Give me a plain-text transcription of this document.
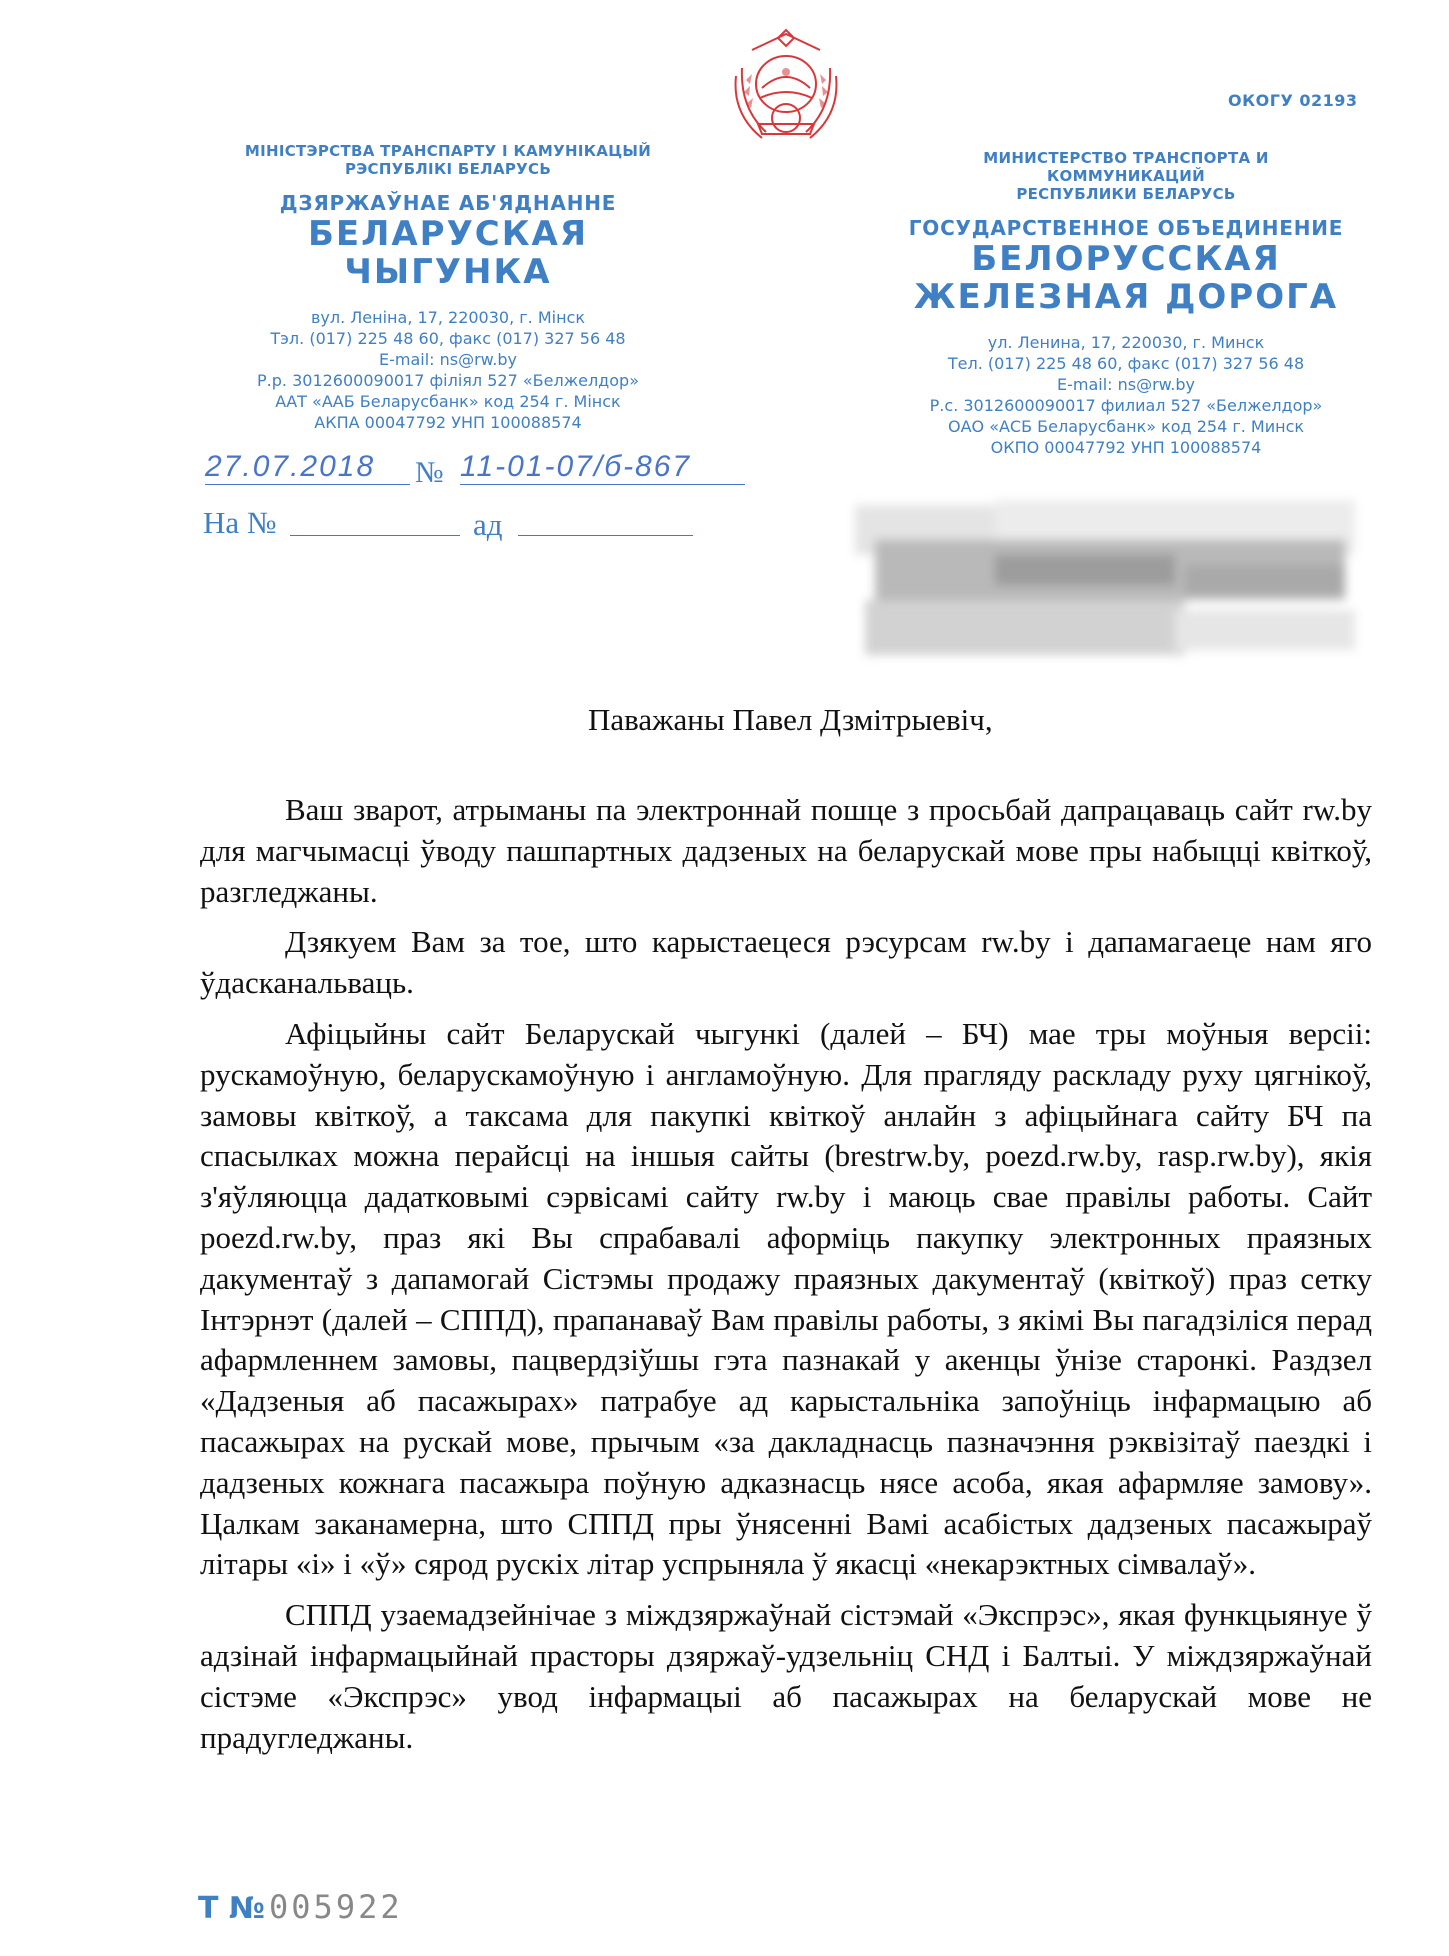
ОКОГУ 02193
МІНІСТЭРСТВА ТРАНСПАРТУ І КАМУНІКАЦЫЙ
РЭСПУБЛІКІ БЕЛАРУСЬ
ДЗЯРЖАЎНАЕ АБ'ЯДНАННЕ
БЕЛАРУСКАЯ
ЧЫГУНКА
вул. Леніна, 17, 220030, г. Мінск
Тэл. (017) 225 48 60, факс (017) 327 56 48
E-mail: ns@rw.by
Р.р. 3012600090017 філіял 527 «Белжелдор»
ААТ «ААБ Беларусбанк» код 254 г. Мінск
АКПА 00047792 УНП 100088574
МИНИСТЕРСТВО ТРАНСПОРТА И КОММУНИКАЦИЙ
РЕСПУБЛИКИ БЕЛАРУСЬ
ГОСУДАРСТВЕННОЕ ОБЪЕДИНЕНИЕ
БЕЛОРУССКАЯ
ЖЕЛЕЗНАЯ ДОРОГА
ул. Ленина, 17, 220030, г. Минск
Тел. (017) 225 48 60, факс (017) 327 56 48
E-mail: ns@rw.by
Р.с. 3012600090017 филиал 527 «Белжелдор»
ОАО «АСБ Беларусбанк» код 254 г. Минск
ОКПО 00047792 УНП 100088574
27.07.2018	№ 11-01-07/б-867
На №	ад
Паважаны Павел Дзмітрыевіч,

Ваш зварот, атрыманы па электроннай пошце з просьбай дапрацаваць сайт rw.by для магчымасці ўводу пашпартных дадзеных на беларускай мове пры набыцці квіткоў, разгледжаны.

Дзякуем Вам за тое, што карыстаецеся рэсурсам rw.by і дапамагаеце нам яго ўдасканальваць.

Афіцыйны сайт Беларускай чыгункі (далей – БЧ) мае тры моўныя версіі: рускамоўную, беларускамоўную і англамоўную. Для прагляду раскладу руху цягнікоў, замовы квіткоў, а таксама для пакупкі квіткоў анлайн з афіцыйнага сайту БЧ па спасылках можна перайсці на іншыя сайты (brestrw.by, poezd.rw.by, rasp.rw.by), якія з'яўляюцца дадатковымі сэрвісамі сайту rw.by і маюць свае правілы работы. Сайт poezd.rw.by, праз які Вы спрабавалі аформіць пакупку электронных праязных дакументаў з дапамогай Сістэмы продажу праязных дакументаў (квіткоў) праз сетку Інтэрнэт (далей – СППД), прапанаваў Вам правілы работы, з якімі Вы пагадзіліся перад афармленнем замовы, пацвердзіўшы гэта пазнакай у акенцы ўнізе старонкі. Раздзел «Дадзеныя аб пасажырах» патрабуе ад карыстальніка запоўніць інфармацыю аб пасажырах на рускай мове, прычым «за дакладнасць пазначэння рэквізітаў паездкі і дадзеных кожнага пасажыра поўную адказнасць нясе асоба, якая афармляе замову». Цалкам заканамерна, што СППД пры ўнясенні Вамі асабістых дадзеных пасажыраў літары «і» і «ў» сярод рускіх літар успрыняла ў якасці «некарэктных сімвалаў».

СППД узаемадзейнічае з міждзяржаўнай сістэмай «Экспрэс», якая функцыянуе ў адзінай інфармацыйнай прасторы дзяржаў-удзельніц СНД і Балтыі. У міждзяржаўнай сістэме «Экспрэс» увод інфармацыі аб пасажырах на беларускай мове не прадугледжаны.

Т № 005922
